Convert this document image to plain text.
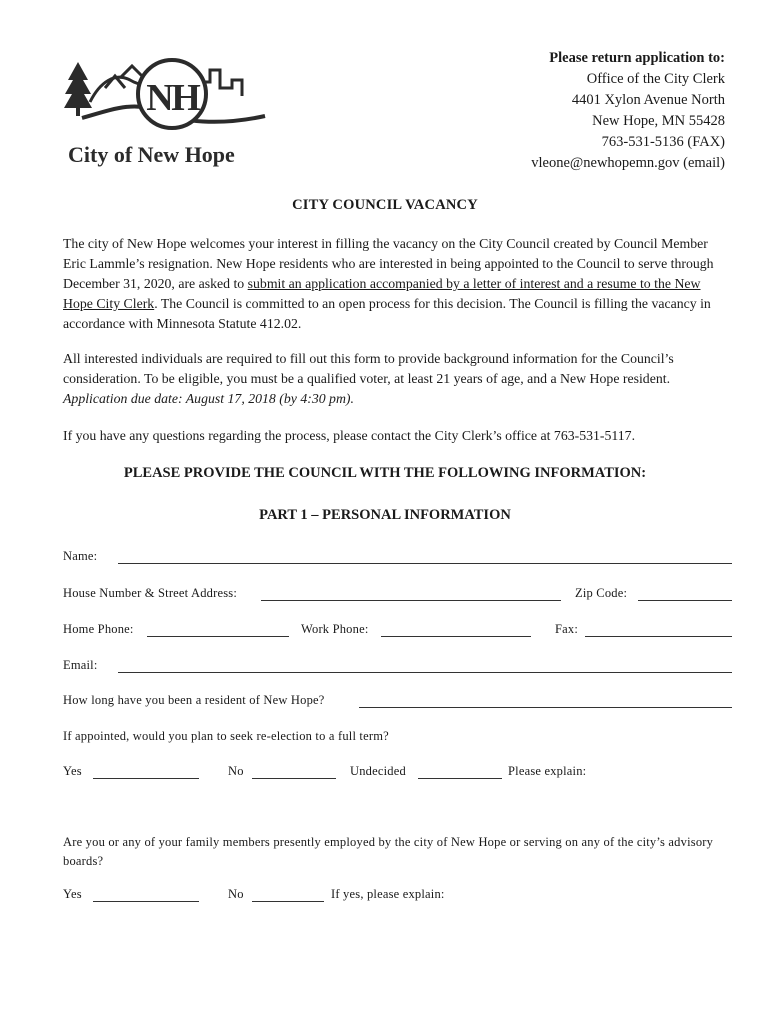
N
H
City of New Hope
Please return application to:
Office of the City Clerk
4401 Xylon Avenue North
New Hope, MN 55428
763-531-5136 (FAX)
vleone@newhopemn.gov (email)
CITY COUNCIL VACANCY
The city of New Hope welcomes your interest in filling the vacancy on the City Council created by Council Member Eric Lammle’s resignation. New Hope residents who are interested in being appointed to the Council to serve through December 31, 2020, are asked to submit an application accompanied by a letter of interest and a resume to the New Hope City Clerk. The Council is committed to an open process for this decision. The Council is filling the vacancy in accordance with Minnesota Statute 412.02.
All interested individuals are required to fill out this form to provide background information for the Council’s consideration. To be eligible, you must be a qualified voter, at least 21 years of age, and a New Hope resident. Application due date: August 17, 2018 (by 4:30 pm).
If you have any questions regarding the process, please contact the City Clerk’s office at 763-531-5117.
PLEASE PROVIDE THE COUNCIL WITH THE FOLLOWING INFORMATION:
PART 1 – PERSONAL INFORMATION
Name:
House Number & Street Address:	Zip Code:
Home Phone:	Work Phone:	Fax:
Email:
How long have you been a resident of New Hope?
If appointed, would you plan to seek re-election to a full term?
Yes	No	Undecided	Please explain:
Are you or any of your family members presently employed by the city of New Hope or serving on any of the city’s advisory boards?
Yes	No	If yes, please explain:
